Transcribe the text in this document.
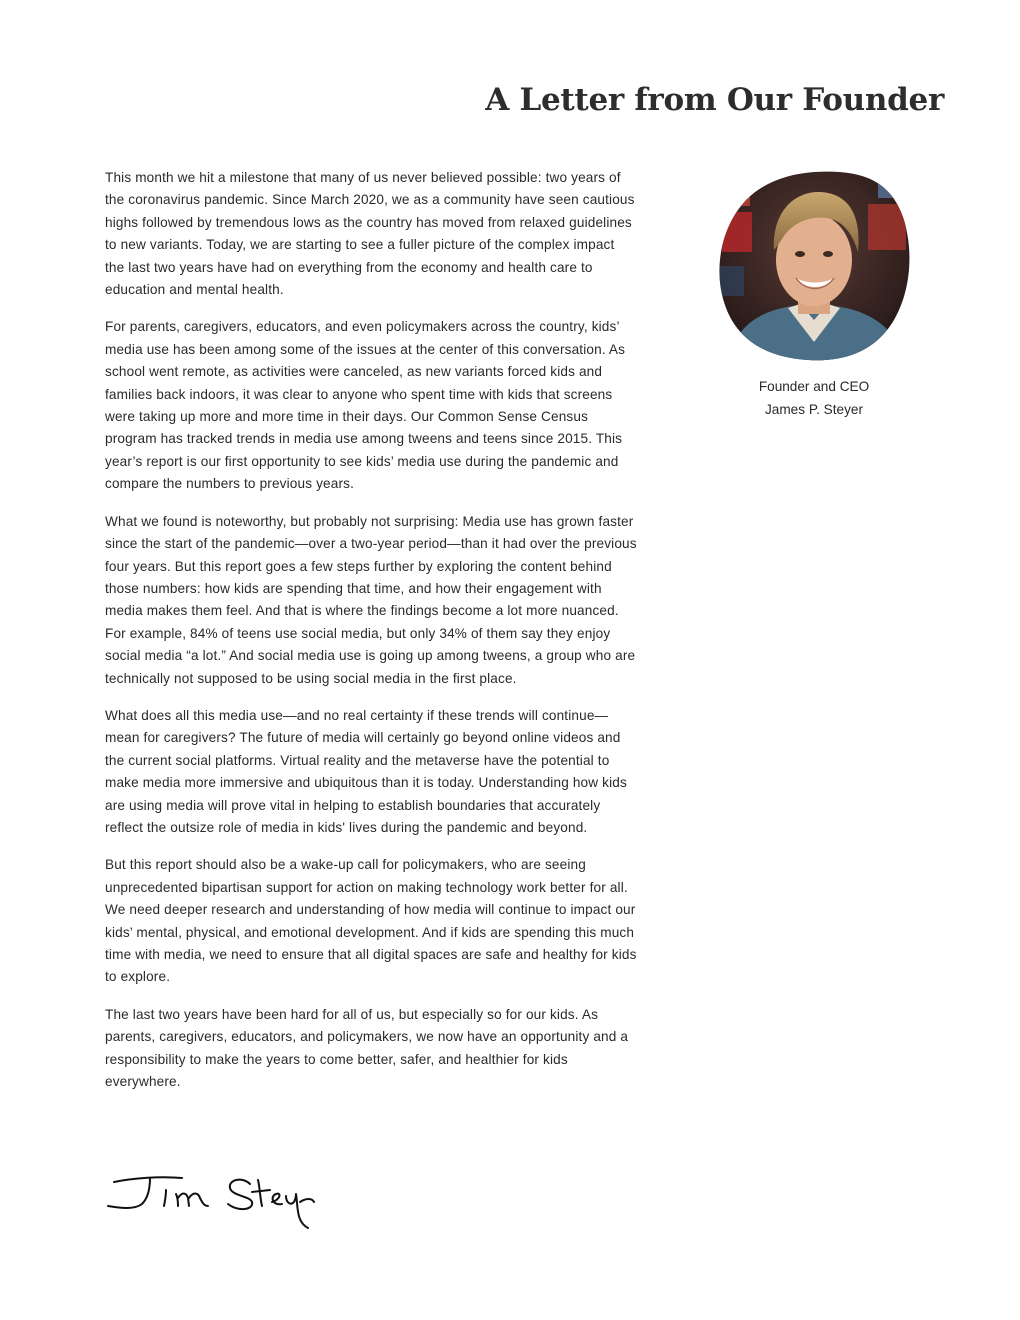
A Letter from Our Founder

This month we hit a milestone that many of us never believed possible: two years of the coronavirus pandemic. Since March 2020, we as a community have seen cautious highs followed by tremendous lows as the country has moved from relaxed guidelines to new variants. Today, we are starting to see a fuller picture of the complex impact the last two years have had on everything from the economy and health care to education and mental health.

For parents, caregivers, educators, and even policymakers across the country, kids’ media use has been among some of the issues at the center of this conversation. As school went remote, as activities were canceled, as new variants forced kids and families back indoors, it was clear to anyone who spent time with kids that screens were taking up more and more time in their days. Our Common Sense Census program has tracked trends in media use among tweens and teens since 2015. This year’s report is our first opportunity to see kids’ media use during the pandemic and compare the numbers to previous years.

What we found is noteworthy, but probably not surprising: Media use has grown faster since the start of the pandemic—over a two-year period—than it had over the previous four years. But this report goes a few steps further by exploring the content behind those numbers: how kids are spending that time, and how their engagement with media makes them feel. And that is where the findings become a lot more nuanced. For example, 84% of teens use social media, but only 34% of them say they enjoy social media “a lot.” And social media use is going up among tweens, a group who are technically not supposed to be using social media in the first place.

What does all this media use—and no real certainty if these trends will continue—mean for caregivers? The future of media will certainly go beyond online videos and the current social platforms. Virtual reality and the metaverse have the potential to make media more immersive and ubiquitous than it is today. Understanding how kids are using media will prove vital in helping to establish boundaries that accurately reflect the outsize role of media in kids' lives during the pandemic and beyond.

But this report should also be a wake-up call for policymakers, who are seeing unprecedented bipartisan support for action on making technology work better for all. We need deeper research and understanding of how media will continue to impact our kids’ mental, physical, and emotional development. And if kids are spending this much time with media, we need to ensure that all digital spaces are safe and healthy for kids to explore.

The last two years have been hard for all of us, but especially so for our kids. As parents, caregivers, educators, and policymakers, we now have an opportunity and a responsibility to make the years to come better, safer, and healthier for kids everywhere.

Founder and CEO
James P. Steyer
